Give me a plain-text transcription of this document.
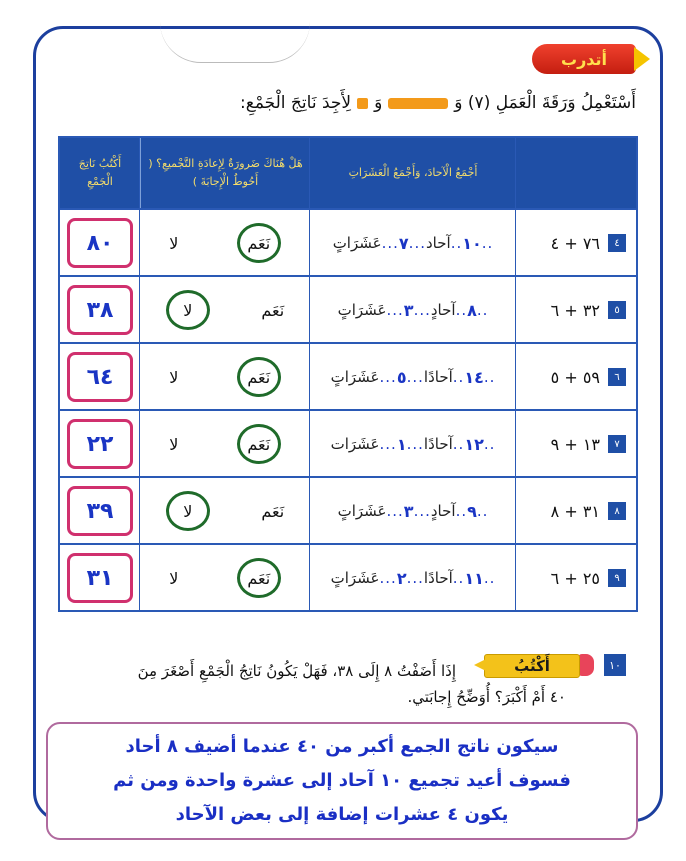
أتدرب
أَسْتَعْمِلُ وَرَقَةَ الْعَمَلِ (٧) وَ
وَ
لِأَجِدَ نَاتِجَ الْجَمْعِ:
أَجْمَعُ الْآحادَ، وَأَجْمَعُ الْعَشَرَاتِ
هَلْ هُنَاكَ ضَرورَةٌ لِإِعادَةِ التَّجْميعِ؟ ( أَحُوطُ الْإِجابَةَ )
أَكْتُبُ نَاتِجَ الْجَمْعِ
٤
٧٦ + ٤
..
١٠
..
آحاد
...
٧
...
عَشَرَاتٍ
نَعَم
لا
٨٠
٥
٣٢ + ٦
..
٨
..
آحادٍ
...
٣
...
عَشَرَاتٍ
نَعَم
لا
٣٨
٦
٥٩ + ٥
..
١٤
..
آحادًا
...
٥
...
عَشَرَاتٍ
نَعَم
لا
٦٤
٧
١٣ + ٩
..
١٢
..
آحادًا
...
١
...
عَشَرَات
نَعَم
لا
٢٢
٨
٣١ + ٨
..
٩
..
آحادٍ
...
٣
...
عَشَرَاتٍ
نَعَم
لا
٣٩
٩
٢٥ + ٦
..
١١
..
آحادًا
...
٢
...
عَشَرَاتٍ
نَعَم
لا
٣١
١٠
أَكْتُبُ
إِذَا أَضَفْتُ ٨ إِلَى ٣٨، فَهَلْ يَكُونُ نَاتِجُ الْجَمْعِ أَصْغَرَ مِنَ
٤٠ أَمْ أَكْبَرَ؟ أُوَضِّحُ إِجابَتي.
سيكون ناتج الجمع أكبر من ٤٠ عندما أضيف ٨ أحاد
فسوف أعيد تجميع ١٠ آحاد إلى عشرة واحدة ومن ثم
يكون ٤ عشرات إضافة إلى بعض الآحاد
